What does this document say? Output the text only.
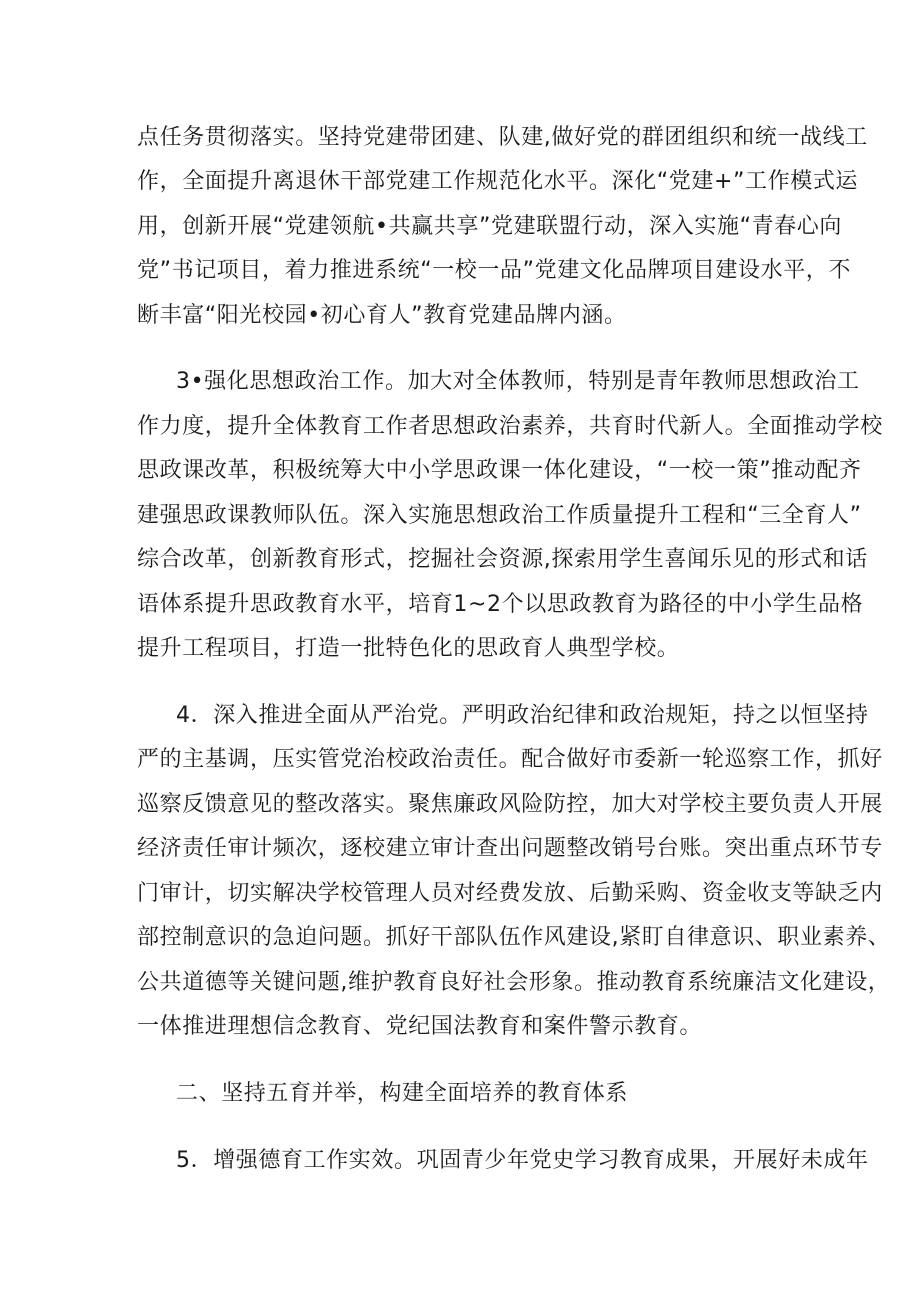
点任务贯彻落实。坚持党建带团建、队建,做好党的群团组织和统一战线工
作，全面提升离退休干部党建工作规范化水平。深化“党建+”工作模式运
用，创新开展“党建领航•共赢共享”党建联盟行动，深入实施“青春心向
党”书记项目，着力推进系统“一校一品”党建文化品牌项目建设水平，不
断丰富“阳光校园•初心育人”教育党建品牌内涵。
3•强化思想政治工作。加大对全体教师，特别是青年教师思想政治工
作力度，提升全体教育工作者思想政治素养，共育时代新人。全面推动学校
思政课改革，积极统筹大中小学思政课一体化建设，“一校一策”推动配齐
建强思政课教师队伍。深入实施思想政治工作质量提升工程和“三全育人”
综合改革，创新教育形式，挖掘社会资源,探索用学生喜闻乐见的形式和话
语体系提升思政教育水平，培育1~2个以思政教育为路径的中小学生品格
提升工程项目，打造一批特色化的思政育人典型学校。
4．深入推进全面从严治党。严明政治纪律和政治规矩，持之以恒坚持
严的主基调，压实管党治校政治责任。配合做好市委新一轮巡察工作，抓好
巡察反馈意见的整改落实。聚焦廉政风险防控，加大对学校主要负责人开展
经济责任审计频次，逐校建立审计查出问题整改销号台账。突出重点环节专
门审计，切实解决学校管理人员对经费发放、后勤采购、资金收支等缺乏内
部控制意识的急迫问题。抓好干部队伍作风建设,紧盯自律意识、职业素养、
公共道德等关键问题,维护教育良好社会形象。推动教育系统廉洁文化建设，
一体推进理想信念教育、党纪国法教育和案件警示教育。
二、坚持五育并举，构建全面培养的教育体系
5．增强德育工作实效。巩固青少年党史学习教育成果，开展好未成年
